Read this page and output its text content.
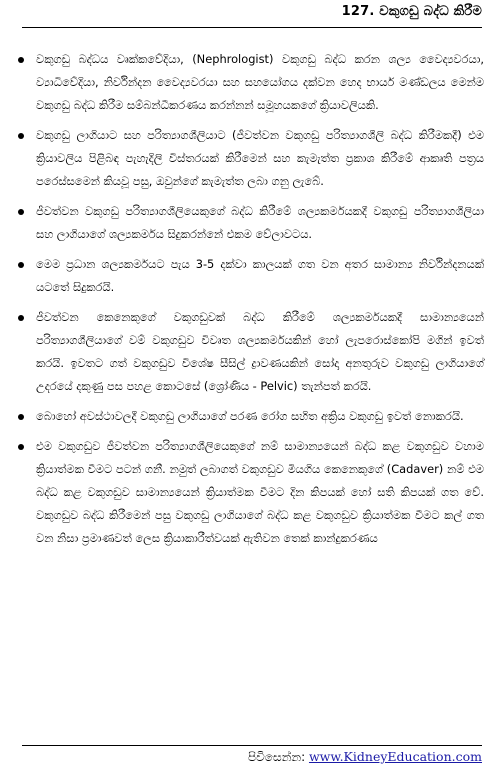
127. වකුගඩු බද්ධ කිරීම
වකුගඩු බද්ධය වෘක්කවේදියා, (Nephrologist) වකුගඩු බද්ධ කරන ශල්‍ය වෛද්‍යවරයා, ව්‍යාධිවේදියා, නිර්වින්දන වෛද්‍යවරයා සහ සහයෝගය දක්වන හෙද භාර්ය මණ්ඩලය මෙන්ම වකුගඩු බද්ධ කිරීම සම්බන්ධීකරණය කරන්නන් සමූහයකගේ ක්‍රියාවලියකි.
වකුගඩු ලාගියාට සහ පරිත්‍යාගශීලියාට (ජීවත්වන වකුගඩු පරිත්‍යාගශීලි බද්ධ කිරීමකදී) එම ක්‍රියාවලිය පිළිබඳ පැහැදිලි විස්තරයක් කිරීමෙන් සහ කැමැත්ත ප්‍රකාශ කිරීමේ ආකෘති පත්‍රය පරෙස්සමෙන් කියවූ පසු, ඔවුන්ගේ කැමැත්ත ලබා ගනු ලැබේ.
ජීවත්වන වකුගඩු පරිත්‍යාගශීලියෙකුගේ බද්ධ කිරීමේ ශල්‍යකර්මයකදී වකුගඩු පරිත්‍යාගශීලියා සහ ලාගියාගේ ශල්‍යකර්මය සිදුකරන්නේ එකම වේලාවටය.
මෙම ප්‍රධාන ශල්‍යකර්මයට පැය 3-5 දක්වා කාලයක් ගත වන අතර සාමාන්‍ය නිර්වින්දනයක් යටතේ සිදුකරයි.
ජීවත්වන කෙනෙකුගේ වකුගඩුවක් බද්ධ කිරීමේ ශල්‍යකර්මයකදී සාමාන්‍යයෙන් පරිත්‍යාගශීලියාගේ වම් වකුගඩුව විවෘත ශල්‍යකර්මයකින් හෝ ලැපරොස්කෝපි මගින් ඉවත් කරයි. ඉවතට ගත් වකුගඩුව විශේෂ සීසිල් ද්‍රාවණයකින් සෝදා අනතුරුව වකුගඩු ලාගියාගේ උදරයේ දකුණු පස පහළ කොටසේ (ශ්‍රෝණිය - Pelvic) තැන්පත් කරයි.
බොහෝ අවස්ථාවලදී වකුගඩු ලාගියාගේ පරණ රෝග සහිත අක්‍රිය වකුගඩු ඉවත් නොකරයි.
එම වකුගඩුව ජීවත්වන පරිත්‍යාගශීලියෙකුගේ නම් සාමාන්‍යයෙන් බද්ධ කළ වකුගඩුව වහාම ක්‍රියාත්මක වීමට පටන් ගනී. නමුත් ලබාගත් වකුගඩුව මියගිය කෙනෙකුගේ (Cadaver) නම් එම බද්ධ කළ වකුගඩුව සාමාන්‍යයෙන් ක්‍රියාත්මක වීමට දින කිපයක් හෝ සති කිපයක් ගත වේ. වකුගඩුව බද්ධ කිරීමෙන් පසු වකුගඩු ලාගියාගේ බද්ධ කළ වකුගඩුව ක්‍රියාත්මක වීමට කල් ගත වන නිසා ප්‍රමාණවත් ලෙස ක්‍රියාකාරීත්වයක් ඇතිවන තෙක් කාන්දුකරණය
පිවිසෙන්න: www.KidneyEducation.com
